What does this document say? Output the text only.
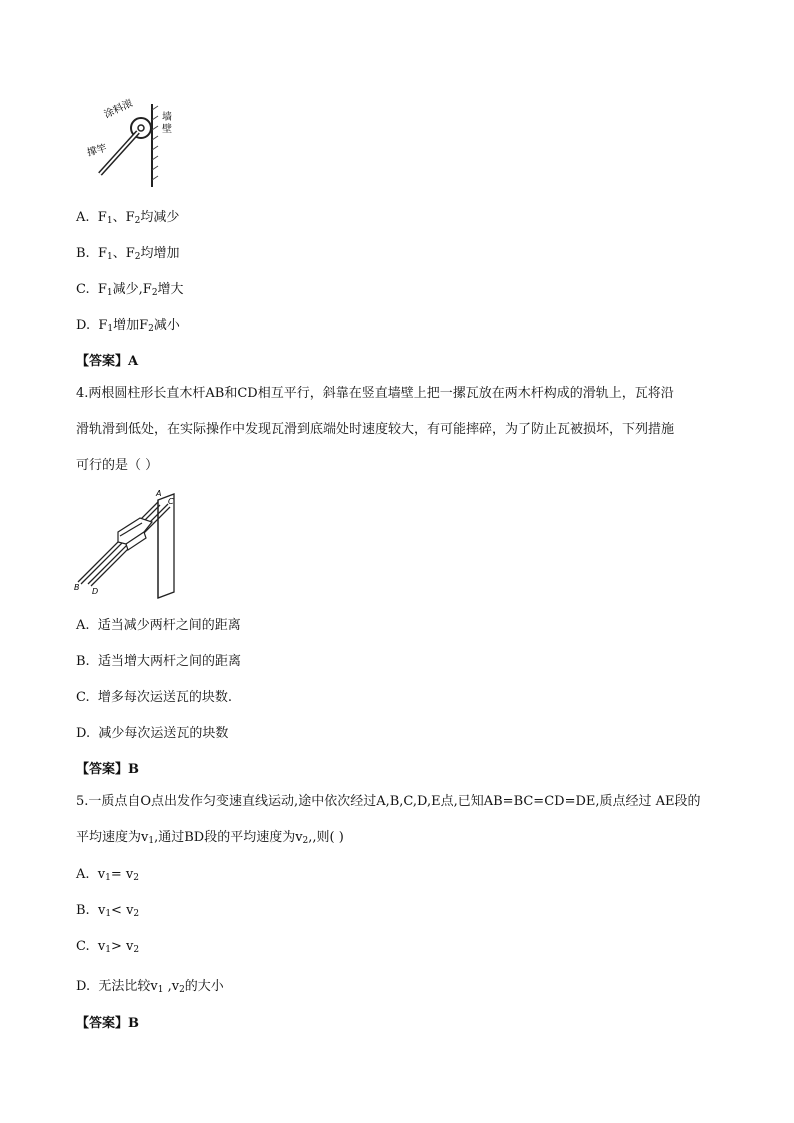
涂料滚
撑竿
墙
壁
A. $F_1$、$F_2$均减少
B. $F_1$、$F_2$均增加
C. $F_1$减少$,F_2$增大
D. $F_1$增加$F_2$减小
【答案】A
4.两根圆柱形长直木杆AB和CD相互平行，斜靠在竖直墙壁上把一摞瓦放在两木杆构成的滑轨上，瓦将沿
滑轨滑到低处，在实际操作中发现瓦滑到底端处时速度较大，有可能摔碎，为了防止瓦被损坏，下列措施
可行的是（ ）
A
C
B D
A. 适当减少两杆之间的距离
B. 适当增大两杆之间的距离
C. 增多每次运送瓦的块数.
D. 减少每次运送瓦的块数
【答案】B
5.一质点自O点出发作匀变速直线运动,途中依次经过A,B,C,D,E点,已知AB=BC=CD=DE,质点经过 AE段的
平均速度为$v_1$,通过BD段的平均速度为$v_2$,,则( )
A. $v_1= v_2$
B. $v_1< v_2$
C. $v_1> v_2$
D. 无法比较$v_1$ $,v_2$的大小
【答案】B
